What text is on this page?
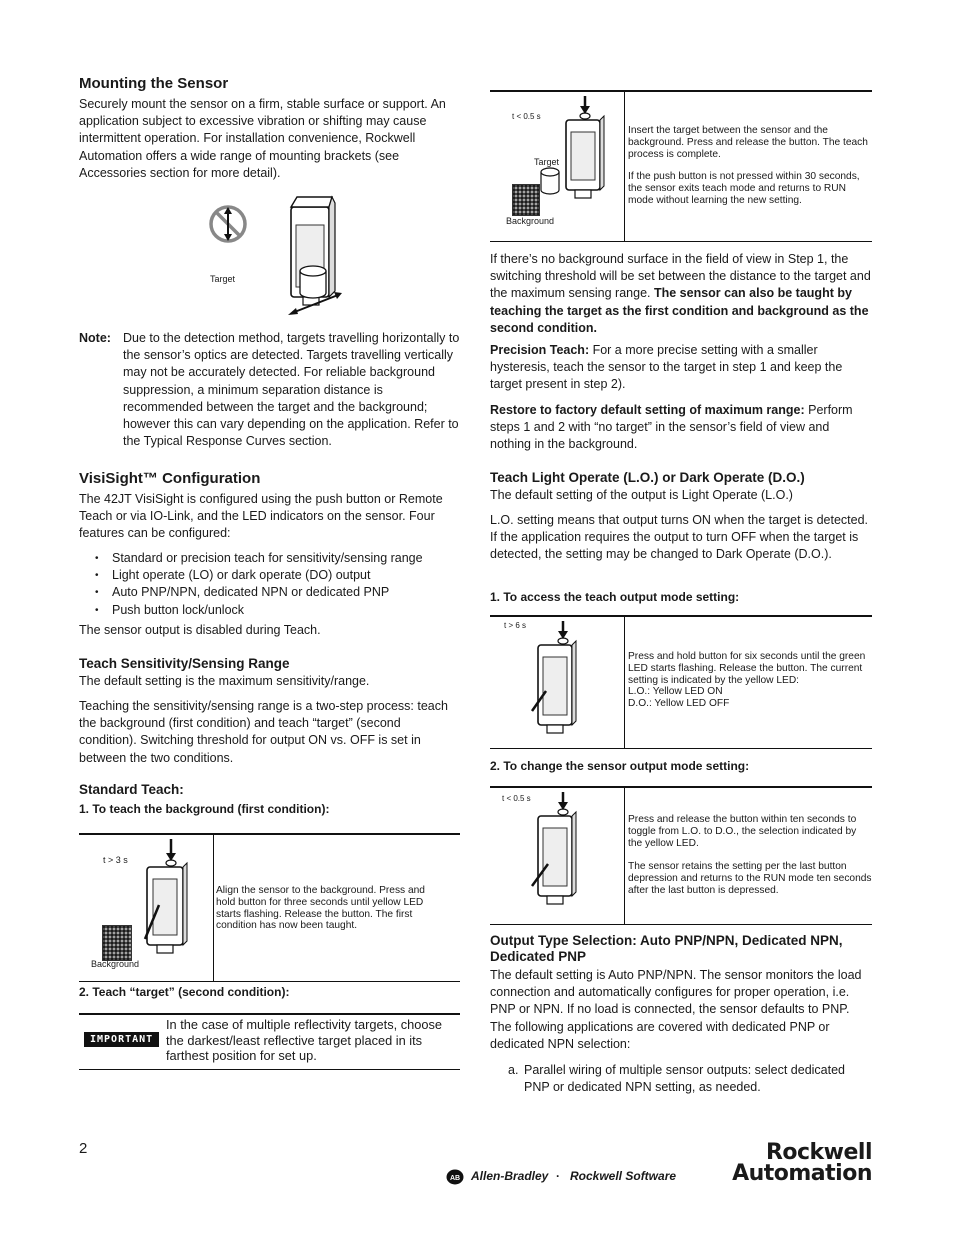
Mounting the Sensor

Securely mount the sensor on a firm, stable surface or support. An application subject to excessive vibration or shifting may cause intermittent operation. For installation convenience, Rockwell Automation offers a wide range of mounting brackets (see Accessories section for more detail).

Target
Note: Due to the detection method, targets travelling horizontally to the sensor’s optics are detected. Targets travelling vertically may not be accurately detected. For reliable background suppression, a minimum separation distance is recommended between the target and the background; however this can vary depending on the application. Refer to the Typical Response Curves section.

VisiSight™ Configuration

The 42JT VisiSight is configured using the push button or Remote Teach or via IO-Link, and the LED indicators on the sensor. Four features can be configured:

• Standard or precision teach for sensitivity/sensing range
• Light operate (LO) or dark operate (DO) output
• Auto PNP/NPN, dedicated NPN or dedicated PNP
• Push button lock/unlock

The sensor output is disabled during Teach.

Teach Sensitivity/Sensing Range

The default setting is the maximum sensitivity/range.

Teaching the sensitivity/sensing range is a two-step process: teach the background (first condition) and teach “target” (second condition). Switching threshold for output ON vs. OFF is set in between the two conditions.

Standard Teach:
1. To teach the background (first condition):
t > 3 s
Background
Align the sensor to the background. Press and hold button for three seconds until yellow LED starts flashing. Release the button. The first condition has now been taught.
2. Teach “target” (second condition):
IMPORTANT

In the case of multiple reflectivity targets, choose the darkest/least reflective target placed in its farthest position for set up.

2
t < 0.5 s
Target
Background
Insert the target between the sensor and the background. Press and release the button. The teach process is complete.
If the push button is not pressed within 30 seconds, the sensor exits teach mode and returns to RUN mode without learning the new setting.

If there’s no background surface in the field of view in Step 1, the switching threshold will be set between the distance to the target and the maximum sensing range. The sensor can also be taught by teaching the target as the first condition and background as the second condition.

Precision Teach: For a more precise setting with a smaller hysteresis, teach the sensor to the target in step 1 and keep the target present in step 2).

Restore to factory default setting of maximum range: Perform steps 1 and 2 with “no target” in the sensor’s field of view and nothing in the background.

Teach Light Operate (L.O.) or Dark Operate (D.O.)

The default setting of the output is Light Operate (L.O.)

L.O. setting means that output turns ON when the target is detected. If the application requires the output to turn OFF when the target is detected, the setting may be changed to Dark Operate (D.O.).

1. To access the teach output mode setting:
t > 6 s
Press and hold button for six seconds until the green LED starts flashing. Release the button. The current setting is indicated by the yellow LED:
L.O.: Yellow LED ON
D.O.: Yellow LED OFF
2. To change the sensor output mode setting:
t < 0.5 s
Press and release the button within ten seconds to toggle from L.O. to D.O., the selection indicated by the yellow LED.
The sensor retains the setting per the last button depression and returns to the RUN mode ten seconds after the last button is depressed.
Output Type Selection: Auto PNP/NPN, Dedicated NPN, Dedicated PNP

The default setting is Auto PNP/NPN. The sensor monitors the load connection and automatically configures for proper operation, i.e. PNP or NPN. If no load is connected, the sensor defaults to PNP. The following applications are covered with dedicated PNP or dedicated NPN selection:

a. Parallel wiring of multiple sensor outputs: select dedicated PNP or dedicated NPN setting, as needed.

AB Allen-Bradley · Rockwell Software
Rockwell
Automation
